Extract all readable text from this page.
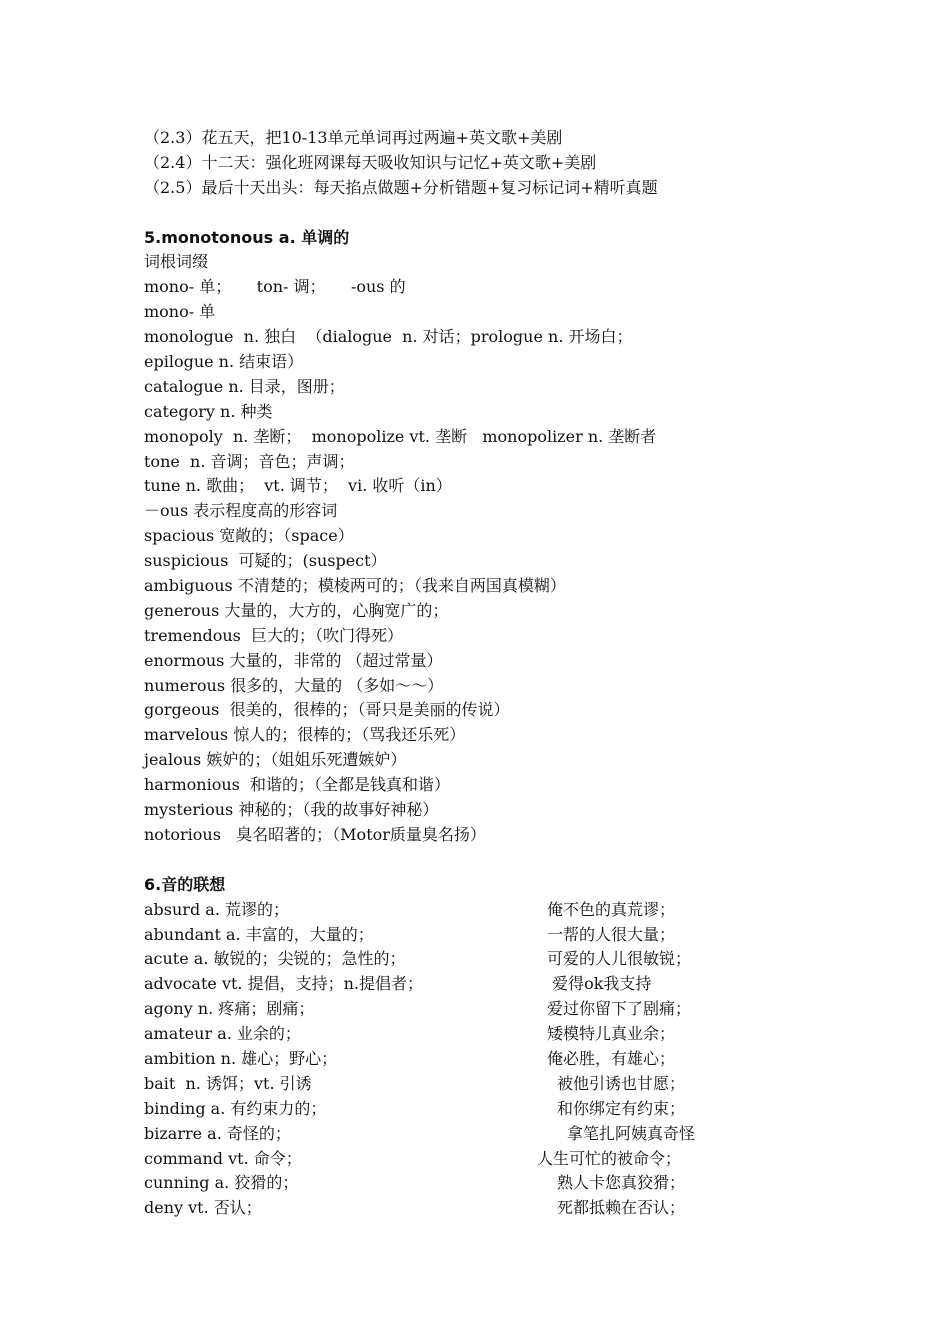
（2.3）花五天，把10-13单元单词再过两遍+英文歌+美剧
（2.4）十二天：强化班网课每天吸收知识与记忆+英文歌+美剧
（2.5）最后十天出头：每天掐点做题+分析错题+复习标记词+精听真题
5.monotonous a. 单调的
词根词缀
mono- 单；     ton- 调；     -ous 的
mono- 单
monologue  n. 独白  （dialogue  n. 对话；prologue n. 开场白；
epilogue n. 结束语）
catalogue n. 目录，图册；
category n. 种类
monopoly  n. 垄断；  monopolize vt. 垄断   monopolizer n. 垄断者
tone  n. 音调；音色；声调；
tune n. 歌曲；  vt. 调节；  vi. 收听（in）
－ous 表示程度高的形容词
spacious 宽敞的；（space）
suspicious  可疑的；(suspect）
ambiguous 不清楚的；模棱两可的；（我来自两国真模糊）
generous 大量的，大方的，心胸宽广的；
tremendous  巨大的；（吹门得死）
enormous 大量的，非常的 （超过常量）
numerous 很多的，大量的 （多如～～）
gorgeous  很美的，很棒的；（哥只是美丽的传说）
marvelous 惊人的；很棒的；（骂我还乐死）
jealous 嫉妒的；（姐姐乐死遭嫉妒）
harmonious  和谐的；（全都是钱真和谐）
mysterious 神秘的；（我的故事好神秘）
notorious   臭名昭著的；（Motor质量臭名扬）
6.音的联想
absurd a. 荒谬的；	俺不色的真荒谬；
abundant a. 丰富的，大量的；	一帮的人很大量；
acute a. 敏锐的；尖锐的；急性的；	可爱的人儿很敏锐；
advocate vt. 提倡，支持；n.提倡者；	爱得ok我支持
agony n. 疼痛；剧痛；	爱过你留下了剧痛；
amateur a. 业余的；	矮模特儿真业余；
ambition n. 雄心；野心；	俺必胜，有雄心；
bait  n. 诱饵；vt. 引诱	被他引诱也甘愿；
binding a. 有约束力的；	和你绑定有约束；
bizarre a. 奇怪的；	拿笔扎阿姨真奇怪
command vt. 命令；	人生可忙的被命令；
cunning a. 狡猾的；	熟人卡您真狡猾；
deny vt. 否认；	死都抵赖在否认；
